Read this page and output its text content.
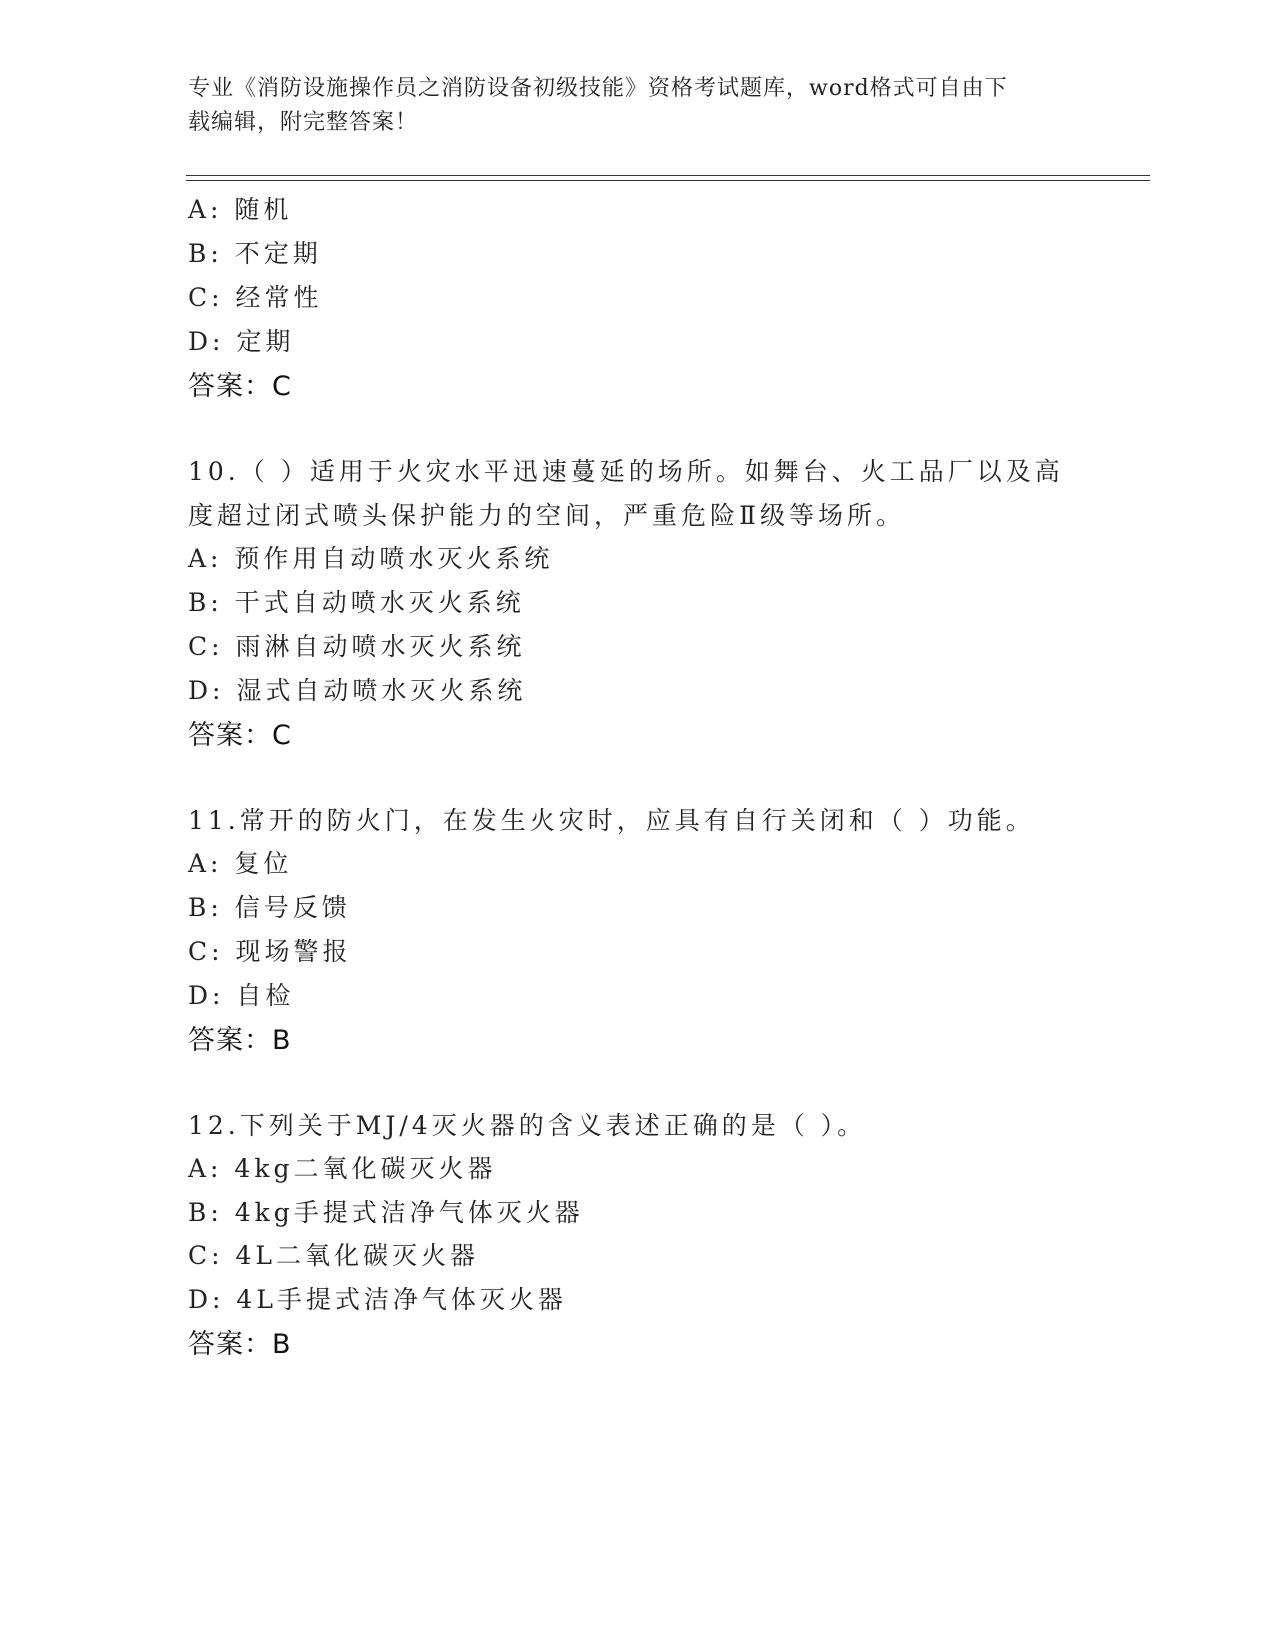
专业《消防设施操作员之消防设备初级技能》资格考试题库，word格式可自由下
载编辑，附完整答案！
A: 随机
B: 不定期
C: 经常性
D: 定期
答案：C
10.（ ）适用于火灾水平迅速蔓延的场所。如舞台、火工品厂以及高
度超过闭式喷头保护能力的空间，严重危险Ⅱ级等场所。
A: 预作用自动喷水灭火系统
B: 干式自动喷水灭火系统
C: 雨淋自动喷水灭火系统
D: 湿式自动喷水灭火系统
答案：C
11.常开的防火门，在发生火灾时，应具有自行关闭和（ ）功能。
A: 复位
B: 信号反馈
C: 现场警报
D: 自检
答案：B
12.下列关于MJ/4灭火器的含义表述正确的是（ ）。
A: 4kg二氧化碳灭火器
B: 4kg手提式洁净气体灭火器
C: 4L二氧化碳灭火器
D: 4L手提式洁净气体灭火器
答案：B
